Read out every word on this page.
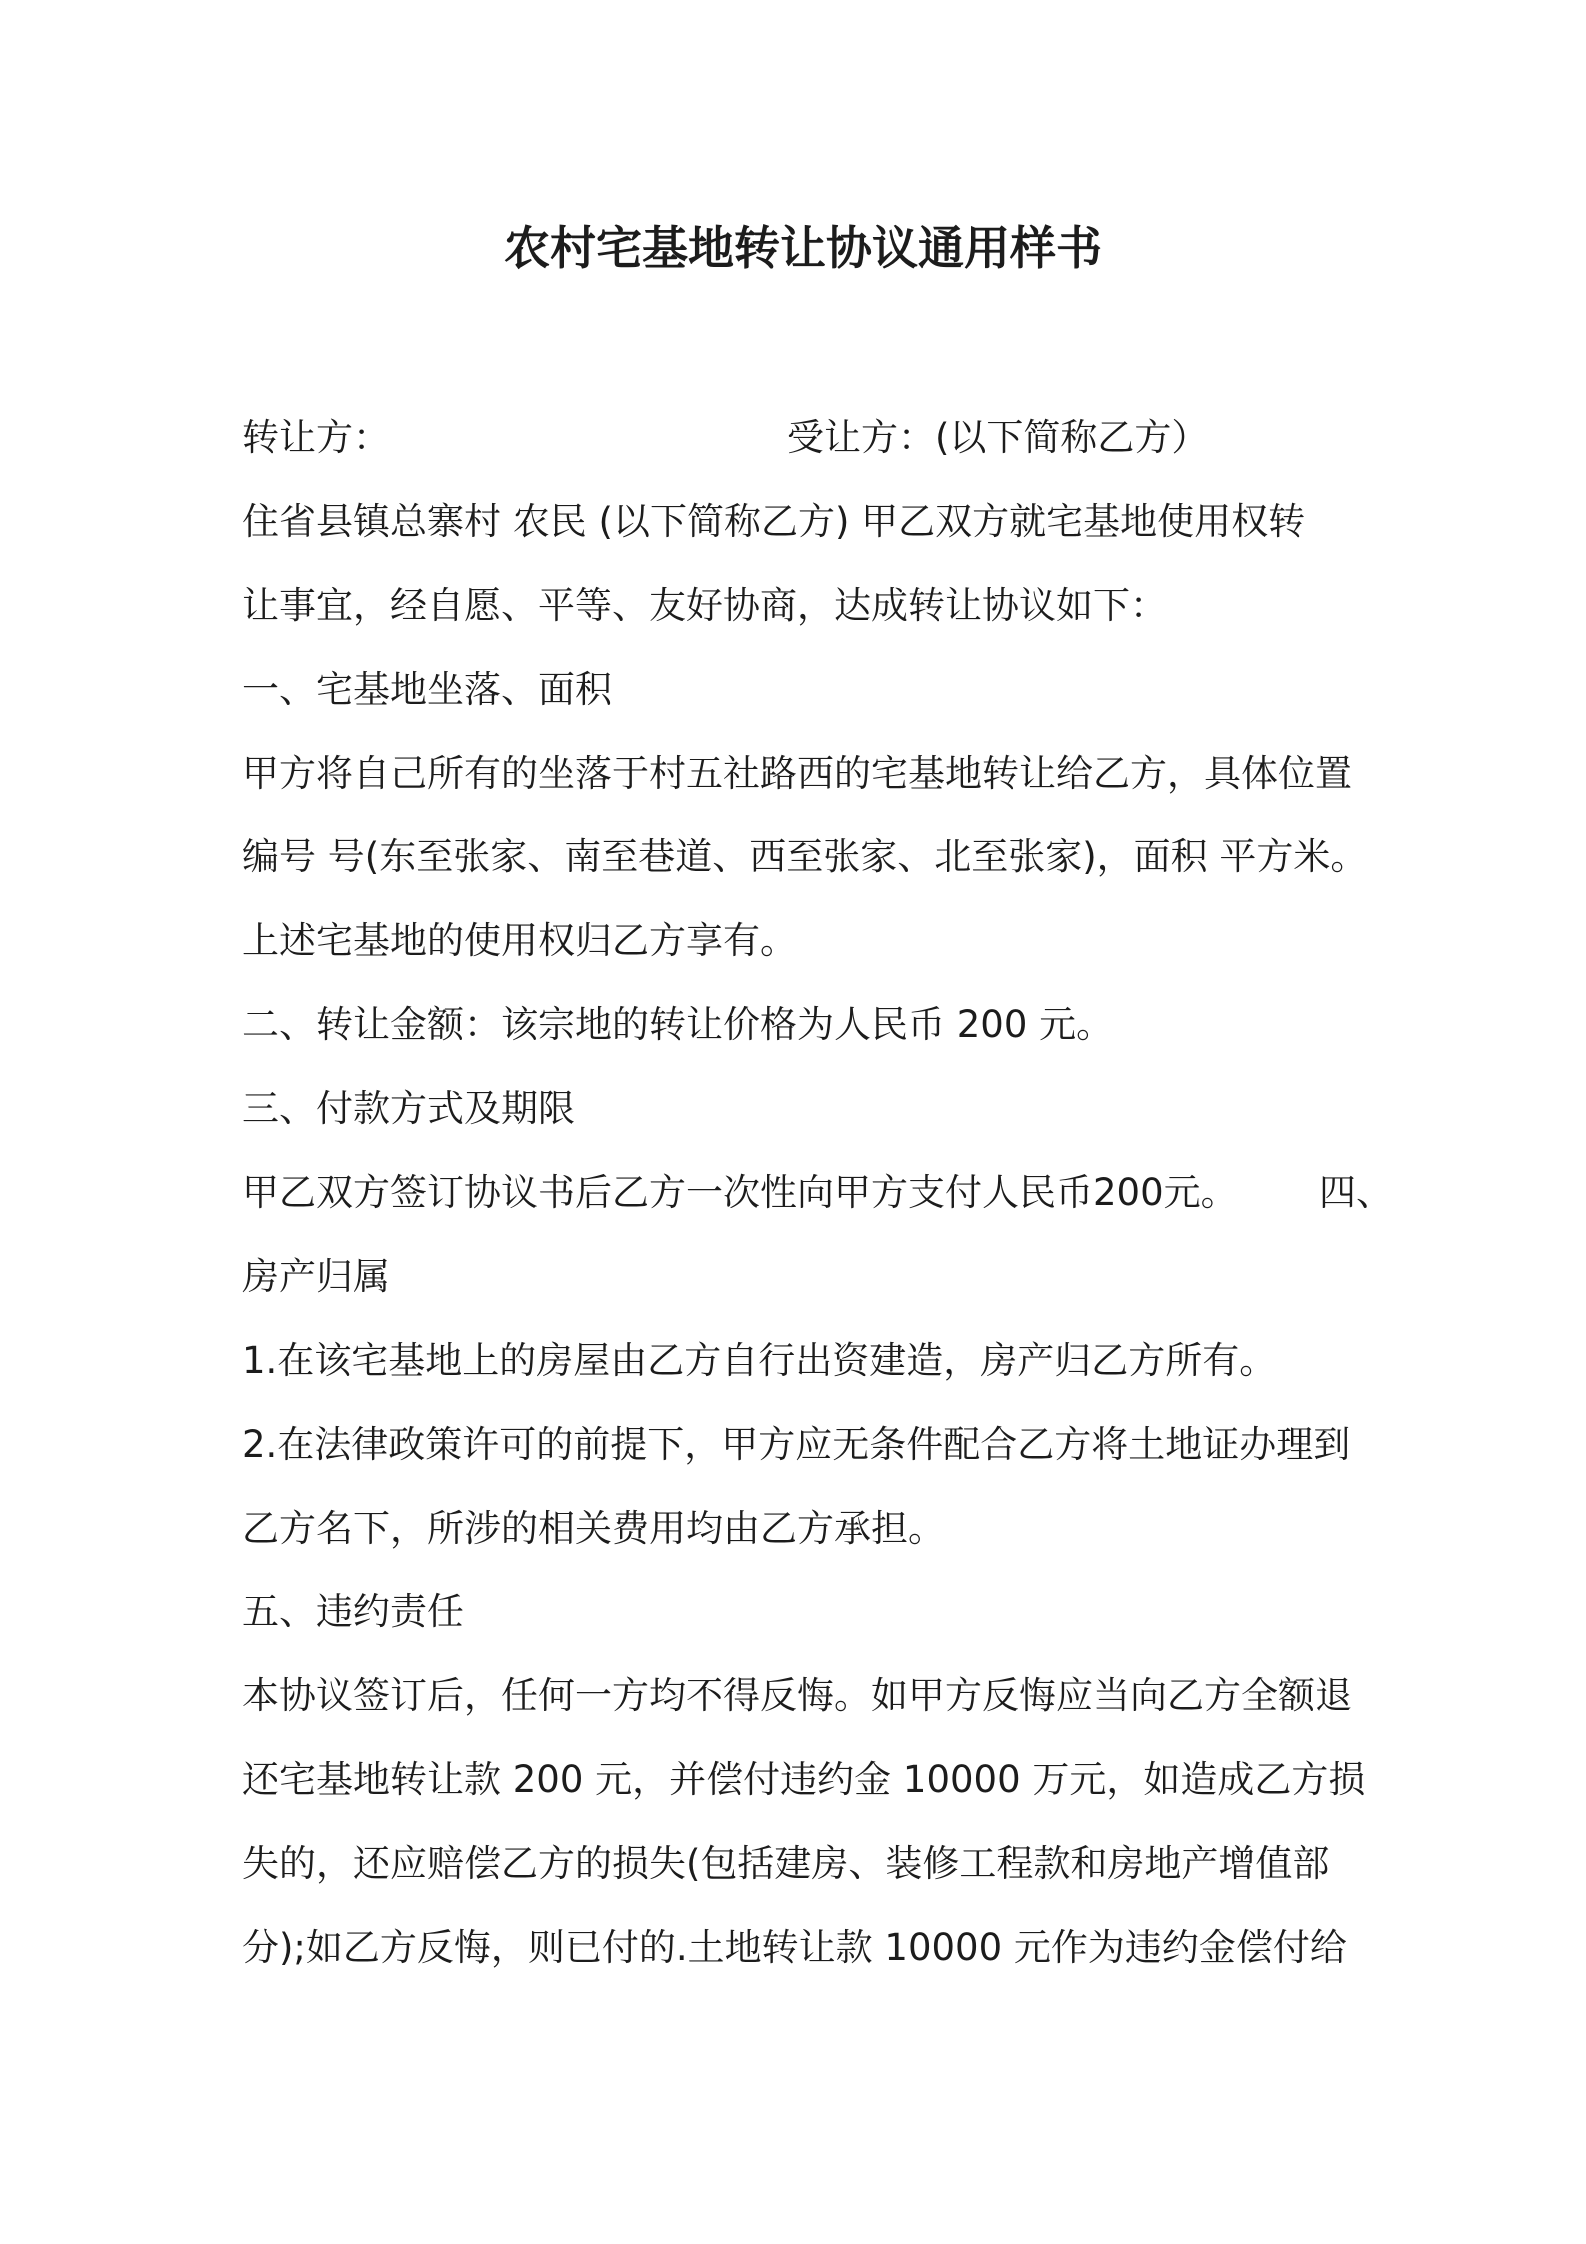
农村宅基地转让协议通用样书
转让方：	受让方：(以下简称乙方）
住省县镇总寨村 农民 (以下简称乙方) 甲乙双方就宅基地使用权转
让事宜，经自愿、平等、友好协商，达成转让协议如下：
一、宅基地坐落、面积
甲方将自己所有的坐落于村五社路西的宅基地转让给乙方，具体位置
编号 号(东至张家、南至巷道、西至张家、北至张家)，面积 平方米。
上述宅基地的使用权归乙方享有。
二、转让金额：该宗地的转让价格为人民币 200 元。
三、付款方式及期限
甲乙双方签订协议书后乙方一次性向甲方支付人民币200元。 四、
房产归属
1.在该宅基地上的房屋由乙方自行出资建造，房产归乙方所有。
2.在法律政策许可的前提下，甲方应无条件配合乙方将土地证办理到
乙方名下，所涉的相关费用均由乙方承担。
五、违约责任
本协议签订后，任何一方均不得反悔。如甲方反悔应当向乙方全额退
还宅基地转让款 200 元，并偿付违约金 10000 万元，如造成乙方损
失的，还应赔偿乙方的损失(包括建房、装修工程款和房地产增值部
分);如乙方反悔，则已付的.土地转让款 10000 元作为违约金偿付给
